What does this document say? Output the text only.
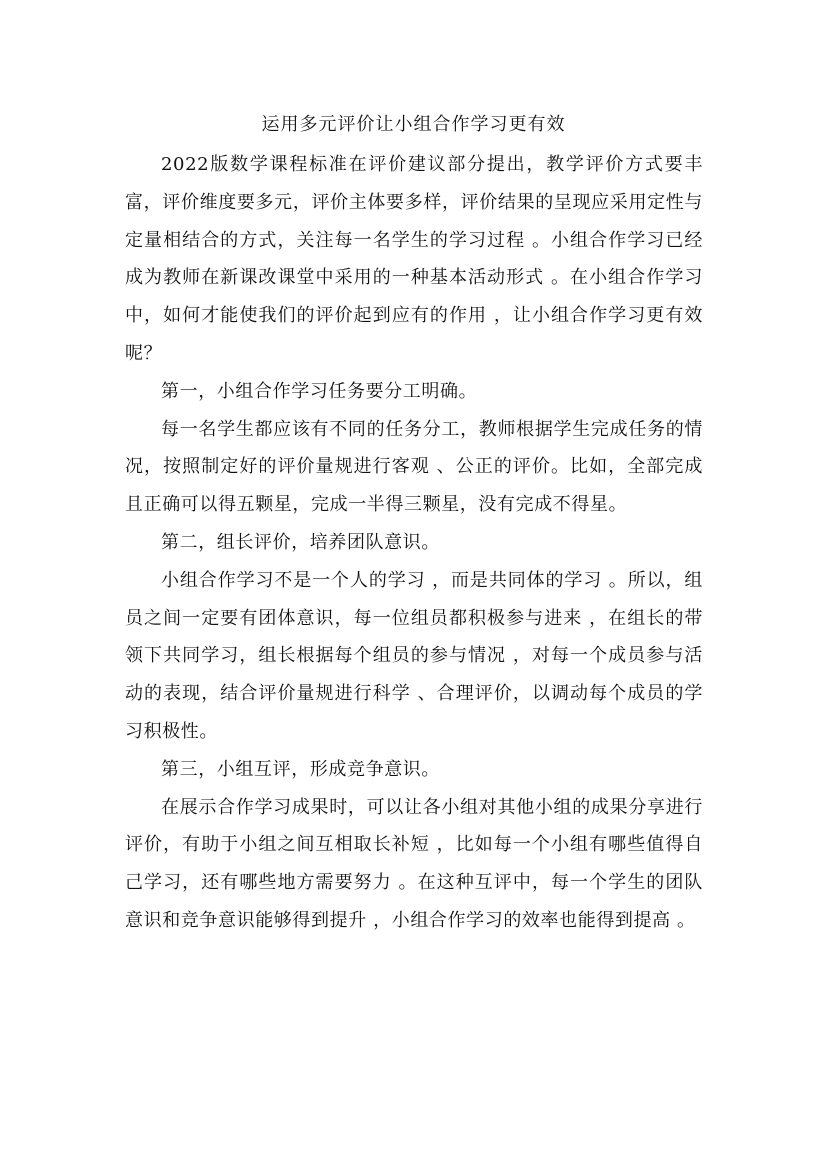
运用多元评价让小组合作学习更有效

2022版数学课程标准在评价建议部分提出，教学评价方式要丰富，评价维度要多元，评价主体要多样，评价结果的呈现应采用定性与定量相结合的方式，关注每一名学生的学习过程 。小组合作学习已经成为教师在新课改课堂中采用的一种基本活动形式 。在小组合作学习中，如何才能使我们的评价起到应有的作用 ，让小组合作学习更有效呢？

第一，小组合作学习任务要分工明确。

每一名学生都应该有不同的任务分工，教师根据学生完成任务的情况，按照制定好的评价量规进行客观 、公正的评价。比如，全部完成且正确可以得五颗星，完成一半得三颗星，没有完成不得星。

第二，组长评价，培养团队意识。

小组合作学习不是一个人的学习 ，而是共同体的学习 。所以，组员之间一定要有团体意识，每一位组员都积极参与进来 ，在组长的带领下共同学习，组长根据每个组员的参与情况 ，对每一个成员参与活动的表现，结合评价量规进行科学 、合理评价，以调动每个成员的学习积极性。

第三，小组互评，形成竞争意识。

在展示合作学习成果时，可以让各小组对其他小组的成果分享进行评价，有助于小组之间互相取长补短 ，比如每一个小组有哪些值得自己学习，还有哪些地方需要努力 。在这种互评中，每一个学生的团队意识和竞争意识能够得到提升 ，小组合作学习的效率也能得到提高 。
